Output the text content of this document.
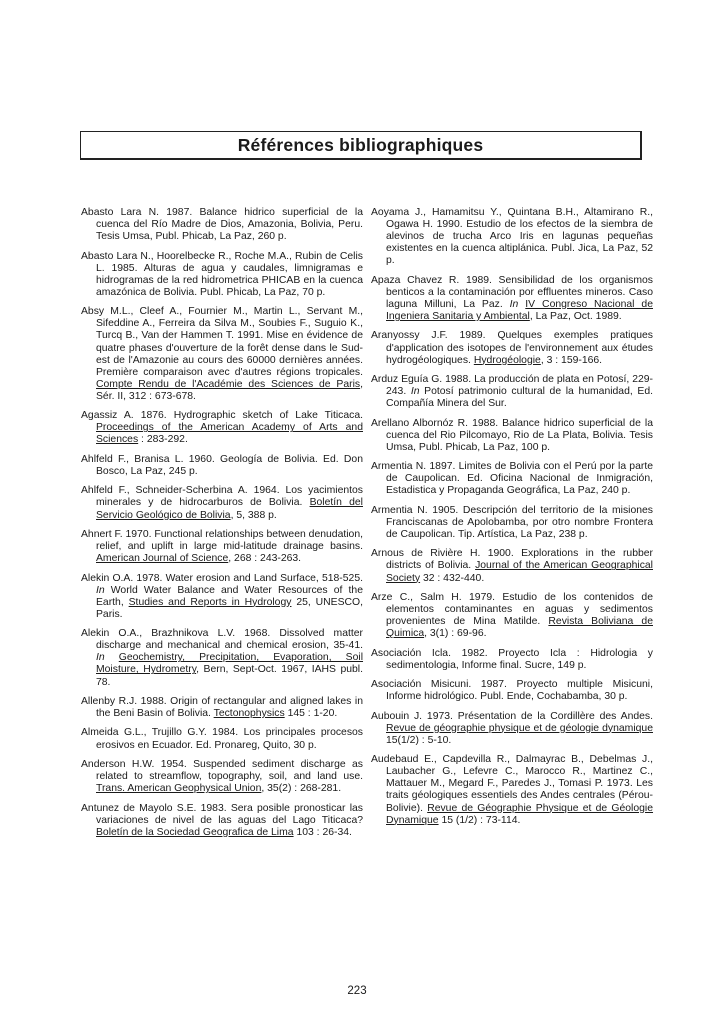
Références bibliographiques

Abasto Lara N. 1987. Balance hidrico superficial de la cuenca del Río Madre de Dios, Amazonia, Bolivia, Peru. Tesis Umsa, Publ. Phicab, La Paz, 260 p.

Abasto Lara N., Hoorelbecke R., Roche M.A., Rubin de Celis L. 1985. Alturas de agua y caudales, limnigramas e hidrogramas de la red hidrometrica PHICAB en la cuenca amazónica de Bolivia. Publ. Phicab, La Paz, 70 p.

Absy M.L., Cleef A., Fournier M., Martin L., Servant M., Sifeddine A., Ferreira da Silva M., Soubies F., Suguio K., Turcq B., Van der Hammen T. 1991. Mise en évidence de quatre phases d'ouverture de la forêt dense dans le Sud-est de l'Amazonie au cours des 60000 dernières années. Première comparaison avec d'autres régions tropicales. Compte Rendu de l'Académie des Sciences de Paris, Sér. II, 312 : 673-678.

Agassiz A. 1876. Hydrographic sketch of Lake Titicaca. Proceedings of the American Academy of Arts and Sciences : 283-292.

Ahlfeld F., Branisa L. 1960. Geología de Bolivia. Ed. Don Bosco, La Paz, 245 p.

Ahlfeld F., Schneider-Scherbina A. 1964. Los yacimientos minerales y de hidrocarburos de Bolivia. Boletín del Servicio Geológico de Bolivia, 5, 388 p.

Ahnert F. 1970. Functional relationships between denudation, relief, and uplift in large mid-latitude drainage basins. American Journal of Science, 268 : 243-263.

Alekin O.A. 1978. Water erosion and Land Surface, 518-525. In World Water Balance and Water Resources of the Earth, Studies and Reports in Hydrology 25, UNESCO, Paris.

Alekin O.A., Brazhnikova L.V. 1968. Dissolved matter discharge and mechanical and chemical erosion, 35-41. In Geochemistry, Precipitation, Evaporation, Soil Moisture, Hydrometry, Bern, Sept-Oct. 1967, IAHS publ. 78.

Allenby R.J. 1988. Origin of rectangular and aligned lakes in the Beni Basin of Bolivia. Tectonophysics 145 : 1-20.

Almeida G.L., Trujillo G.Y. 1984. Los principales procesos erosivos en Ecuador. Ed. Pronareg, Quito, 30 p.

Anderson H.W. 1954. Suspended sediment discharge as related to streamflow, topography, soil, and land use. Trans. American Geophysical Union, 35(2) : 268-281.

Antunez de Mayolo S.E. 1983. Sera posible pronosticar las variaciones de nivel de las aguas del Lago Titicaca? Boletín de la Sociedad Geografica de Lima 103 : 26-34.

Aoyama J., Hamamitsu Y., Quintana B.H., Altamirano R., Ogawa H. 1990. Estudio de los efectos de la siembra de alevinos de trucha Arco Iris en lagunas pequeñas existentes en la cuenca altiplánica. Publ. Jica, La Paz, 52 p.

Apaza Chavez R. 1989. Sensibilidad de los organismos benticos a la contaminación por effluentes mineros. Caso laguna Milluni, La Paz. In IV Congreso Nacional de Ingeniera Sanitaria y Ambiental, La Paz, Oct. 1989.

Aranyossy J.F. 1989. Quelques exemples pratiques d'application des isotopes de l'environnement aux études hydrogéologiques. Hydrogéologie, 3 : 159-166.

Arduz Eguía G. 1988. La producción de plata en Potosí, 229-243. In Potosí patrimonio cultural de la humanidad, Ed. Compañía Minera del Sur.

Arellano Albornóz R. 1988. Balance hidrico superficial de la cuenca del Rio Pilcomayo, Rio de La Plata, Bolivia. Tesis Umsa, Publ. Phicab, La Paz, 100 p.

Armentia N. 1897. Limites de Bolivia con el Perú por la parte de Caupolican. Ed. Oficina Nacional de Inmigración, Estadistica y Propaganda Geográfica, La Paz, 240 p.

Armentia N. 1905. Descripción del territorio de la misiones Franciscanas de Apolobamba, por otro nombre Frontera de Caupolican. Tip. Artística, La Paz, 238 p.

Arnous de Rivière H. 1900. Explorations in the rubber districts of Bolivia. Journal of the American Geographical Society 32 : 432-440.

Arze C., Salm H. 1979. Estudio de los contenidos de elementos contaminantes en aguas y sedimentos provenientes de Mina Matilde. Revista Boliviana de Quimica, 3(1) : 69-96.

Asociación Icla. 1982. Proyecto Icla : Hidrologia y sedimentologia, Informe final. Sucre, 149 p.

Asociación Misicuni. 1987. Proyecto multiple Misicuni, Informe hidrológico. Publ. Ende, Cochabamba, 30 p.

Aubouin J. 1973. Présentation de la Cordillère des Andes. Revue de géographie physique et de géologie dynamique 15(1/2) : 5-10.

Audebaud E., Capdevilla R., Dalmayrac B., Debelmas J., Laubacher G., Lefevre C., Marocco R., Martinez C., Mattauer M., Megard F., Paredes J., Tomasi P. 1973. Les traits géologiques essentiels des Andes centrales (Pérou-Bolivie). Revue de Géographie Physique et de Géologie Dynamique 15 (1/2) : 73-114.

223
